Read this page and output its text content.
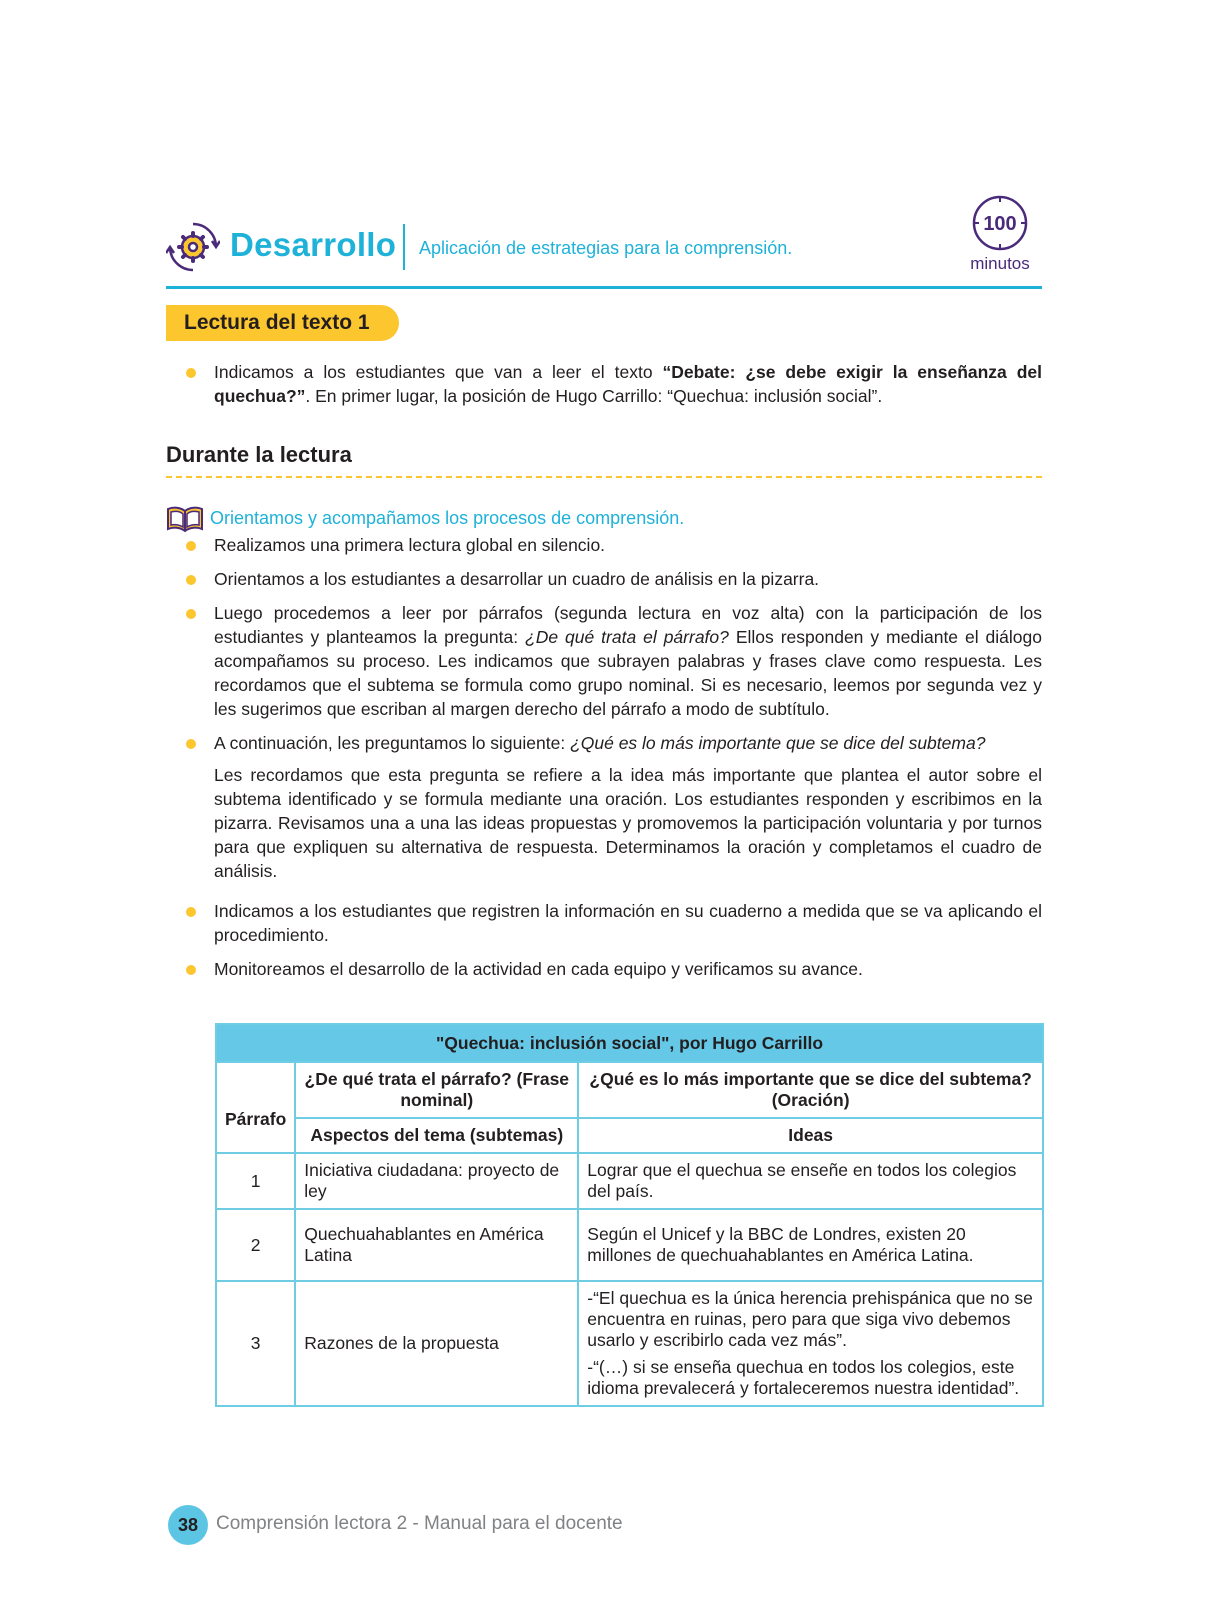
Desarrollo Aplicación de estrategias para la comprensión.
100
minutos
Lectura del texto 1
Indicamos a los estudiantes que van a leer el texto “Debate: ¿se debe exigir la enseñanza del quechua?”. En primer lugar, la posición de Hugo Carrillo: “Quechua: inclusión social”.
Durante la lectura
Orientamos y acompañamos los procesos de comprensión.
Realizamos una primera lectura global en silencio.
Orientamos a los estudiantes a desarrollar un cuadro de análisis en la pizarra.
Luego procedemos a leer por párrafos (segunda lectura en voz alta) con la participación de los estudiantes y planteamos la pregunta: ¿De qué trata el párrafo? Ellos responden y mediante el diálogo acompañamos su proceso. Les indicamos que subrayen palabras y frases clave como respuesta. Les recordamos que el subtema se formula como grupo nominal. Si es necesario, leemos por segunda vez y les sugerimos que escriban al margen derecho del párrafo a modo de subtítulo.
A continuación, les preguntamos lo siguiente: ¿Qué es lo más importante que se dice del subtema?
Les recordamos que esta pregunta se refiere a la idea más importante que plantea el autor sobre el subtema identificado y se formula mediante una oración. Los estudiantes responden y escribimos en la pizarra. Revisamos una a una las ideas propuestas y promovemos la participación voluntaria y por turnos para que expliquen su alternativa de respuesta. Determinamos la oración y completamos el cuadro de análisis.
Indicamos a los estudiantes que registren la información en su cuaderno a medida que se va aplicando el procedimiento.
Monitoreamos el desarrollo de la actividad en cada equipo y verificamos su avance.
"Quechua: inclusión social", por Hugo Carrillo		
Párrafo	¿De qué trata el párrafo? (Frase nominal)	¿Qué es lo más importante que se dice del subtema? (Oración)
	Aspectos del tema (subtemas)	Ideas
1	Iniciativa ciudadana: proyecto de ley	Lograr que el quechua se enseñe en todos los colegios del país.
2	Quechuahablantes en América Latina	Según el Unicef y la BBC de Londres, existen 20 millones de quechuahablantes en América Latina.
3	Razones de la propuesta	-“El quechua es la única herencia prehispánica que no se encuentra en ruinas, pero para que siga vivo debemos usarlo y escribirlo cada vez más”.
-“(…) si se enseña quechua en todos los colegios, este idioma prevalecerá y fortaleceremos nuestra identidad”.
38 Comprensión lectora 2 - Manual para el docente
